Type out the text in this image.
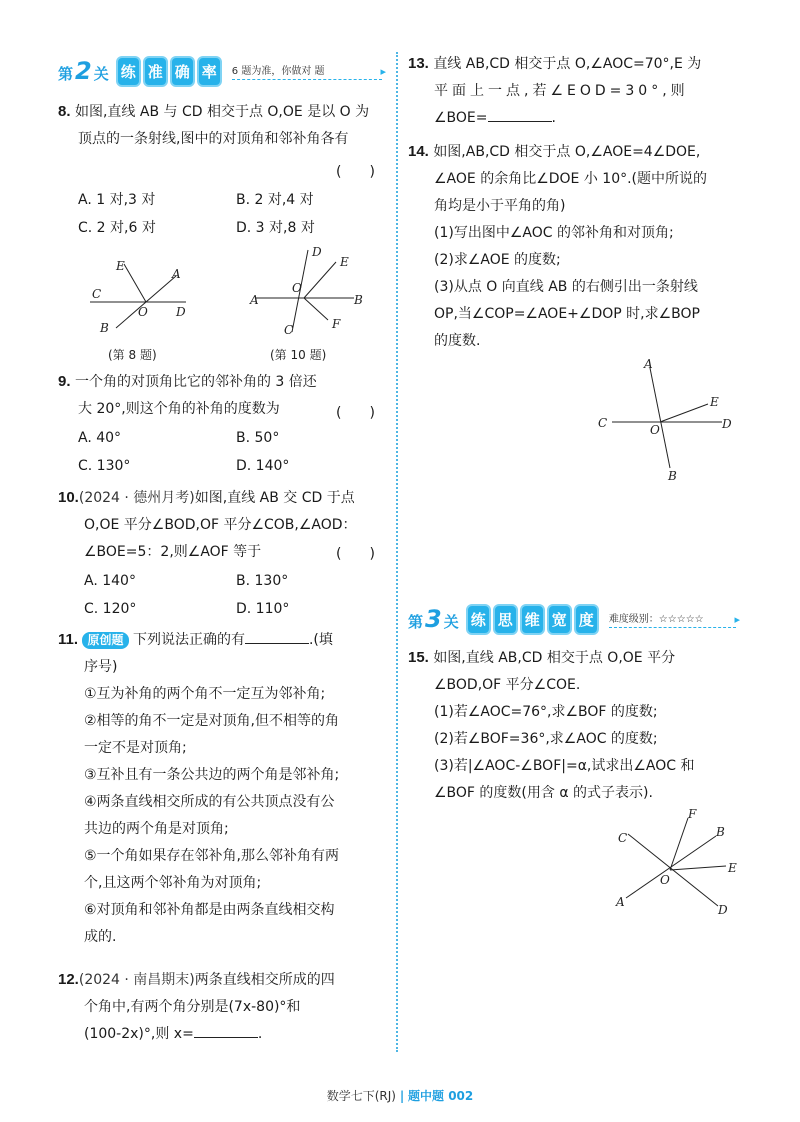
第 2 关 练 准 确 率	6 题为准，你做对 题	▸
8. 如图,直线 AB 与 CD 相交于点 O,OE 是以 O 为
顶点的一条射线,图中的对顶角和邻补角各有
(　　)
A. 1 对,3 对	B. 2 对,4 对
C. 2 对,6 对	D. 3 对,8 对
E
A
C
O D
B
(第 8 题)
D
E
A
O
B
C	F
(第 10 题)
9. 一个角的对顶角比它的邻补角的 3 倍还
大 20°,则这个角的补角的度数为	(　　)
A. 40°	B. 50°
C. 130°	D. 140°
10.(2024 · 德州月考)如图,直线 AB 交 CD 于点
O,OE 平分∠BOD,OF 平分∠COB,∠AOD：
∠BOE=5：2,则∠AOF 等于	(　　)
A. 140°	B. 130°
C. 120°	D. 110°
11. 原创题 下列说法正确的有	.(填
序号)
①互为补角的两个角不一定互为邻补角;
②相等的角不一定是对顶角,但不相等的角
一定不是对顶角;
③互补且有一条公共边的两个角是邻补角;
④两条直线相交所成的有公共顶点没有公
共边的两个角是对顶角;
⑤一个角如果存在邻补角,那么邻补角有两
个,且这两个邻补角为对顶角;
⑥对顶角和邻补角都是由两条直线相交构
成的.
12.(2024 · 南昌期末)两条直线相交所成的四
个角中,有两个角分别是(7x-80)°和
(100-2x)°,则 x=	.
13. 直线 AB,CD 相交于点 O,∠AOC=70°,E 为
平面上一点,若∠EOD=30°,则
∠BOE=	.
14. 如图,AB,CD 相交于点 O,∠AOE=4∠DOE,
∠AOE 的余角比∠DOE 小 10°.(题中所说的
角均是小于平角的角)
(1)写出图中∠AOC 的邻补角和对顶角;
(2)求∠AOE 的度数;
(3)从点 O 向直线 AB 的右侧引出一条射线
OP,当∠COP=∠AOE+∠DOP 时,求∠BOP
的度数.
A
E
C	O	D
B
第 3 关 练 思 维 宽 度	难度级别：☆☆☆☆☆	▸
15. 如图,直线 AB,CD 相交于点 O,OE 平分
∠BOD,OF 平分∠COE.
(1)若∠AOC=76°,求∠BOF 的度数;
(2)若∠BOF=36°,求∠AOC 的度数;
(3)若|∠AOC-∠BOF|=α,试求出∠AOC 和
∠BOF 的度数(用含 α 的式子表示).
F
C	B
O
E
A
D
数学七下(RJ) | 题中题 002
